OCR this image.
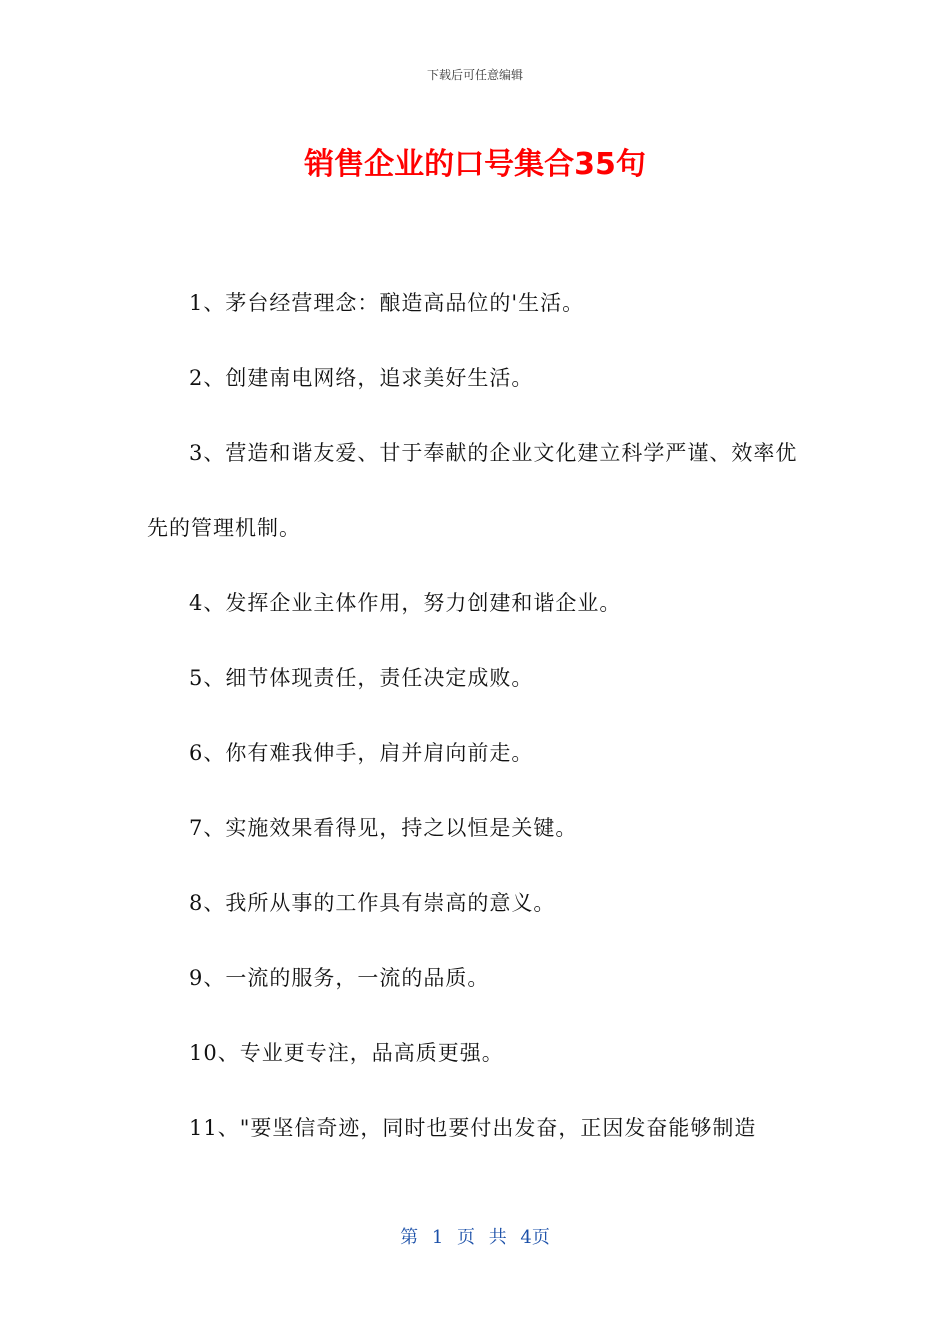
下载后可任意编辑
销售企业的口号集合35句

1、茅台经营理念：酿造高品位的'生活。

2、创建南电网络，追求美好生活。

3、营造和谐友爱、甘于奉献的企业文化建立科学严谨、效率优先的管理机制。

4、发挥企业主体作用，努力创建和谐企业。

5、细节体现责任，责任决定成败。

6、你有难我伸手，肩并肩向前走。

7、实施效果看得见，持之以恒是关键。

8、我所从事的工作具有崇高的意义。

9、一流的服务，一流的品质。

10、专业更专注，品高质更强。

11、"要坚信奇迹，同时也要付出发奋，正因发奋能够制造

第 1 页 共 4页
